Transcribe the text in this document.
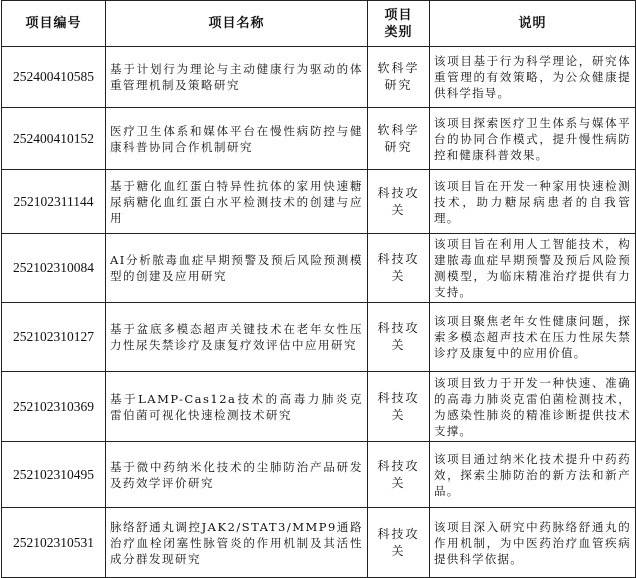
项目编号	项目名称	项目类别	说明
252400410585	基于计划行为理论与主动健康行为驱动的体重管理机制及策略研究	软科学研究	该项目基于行为科学理论，研究体重管理的有效策略，为公众健康提供科学指导。
252400410152	医疗卫生体系和媒体平台在慢性病防控与健康科普协同合作机制研究	软科学研究	该项目探索医疗卫生体系与媒体平台的协同合作模式，提升慢性病防控和健康科普效果。
252102311144	基于糖化血红蛋白特异性抗体的家用快速糖尿病糖化血红蛋白水平检测技术的创建与应用	科技攻关	该项目旨在开发一种家用快速检测技术，助力糖尿病患者的自我管理。
252102310084	AI分析脓毒血症早期预警及预后风险预测模型的创建及应用研究	科技攻关	该项目旨在利用人工智能技术，构建脓毒血症早期预警及预后风险预测模型，为临床精准治疗提供有力支持。
252102310127	基于盆底多模态超声关键技术在老年女性压力性尿失禁诊疗及康复疗效评估中应用研究	科技攻关	该项目聚焦老年女性健康问题，探索多模态超声技术在压力性尿失禁诊疗及康复中的应用价值。
252102310369	基于LAMP-Cas12a技术的高毒力肺炎克雷伯菌可视化快速检测技术研究	科技攻关	该项目致力于开发一种快速、准确的高毒力肺炎克雷伯菌检测技术，为感染性肺炎的精准诊断提供技术支撑。
252102310495	基于微中药纳米化技术的尘肺防治产品研发及药效学评价研究	科技攻关	该项目通过纳米化技术提升中药药效，探索尘肺防治的新方法和新产品。
252102310531	脉络舒通丸调控JAK2/STAT3/MMP9通路治疗血栓闭塞性脉管炎的作用机制及其活性成分群发现研究	科技攻关	该项目深入研究中药脉络舒通丸的作用机制，为中医药治疗血管疾病提供科学依据。
